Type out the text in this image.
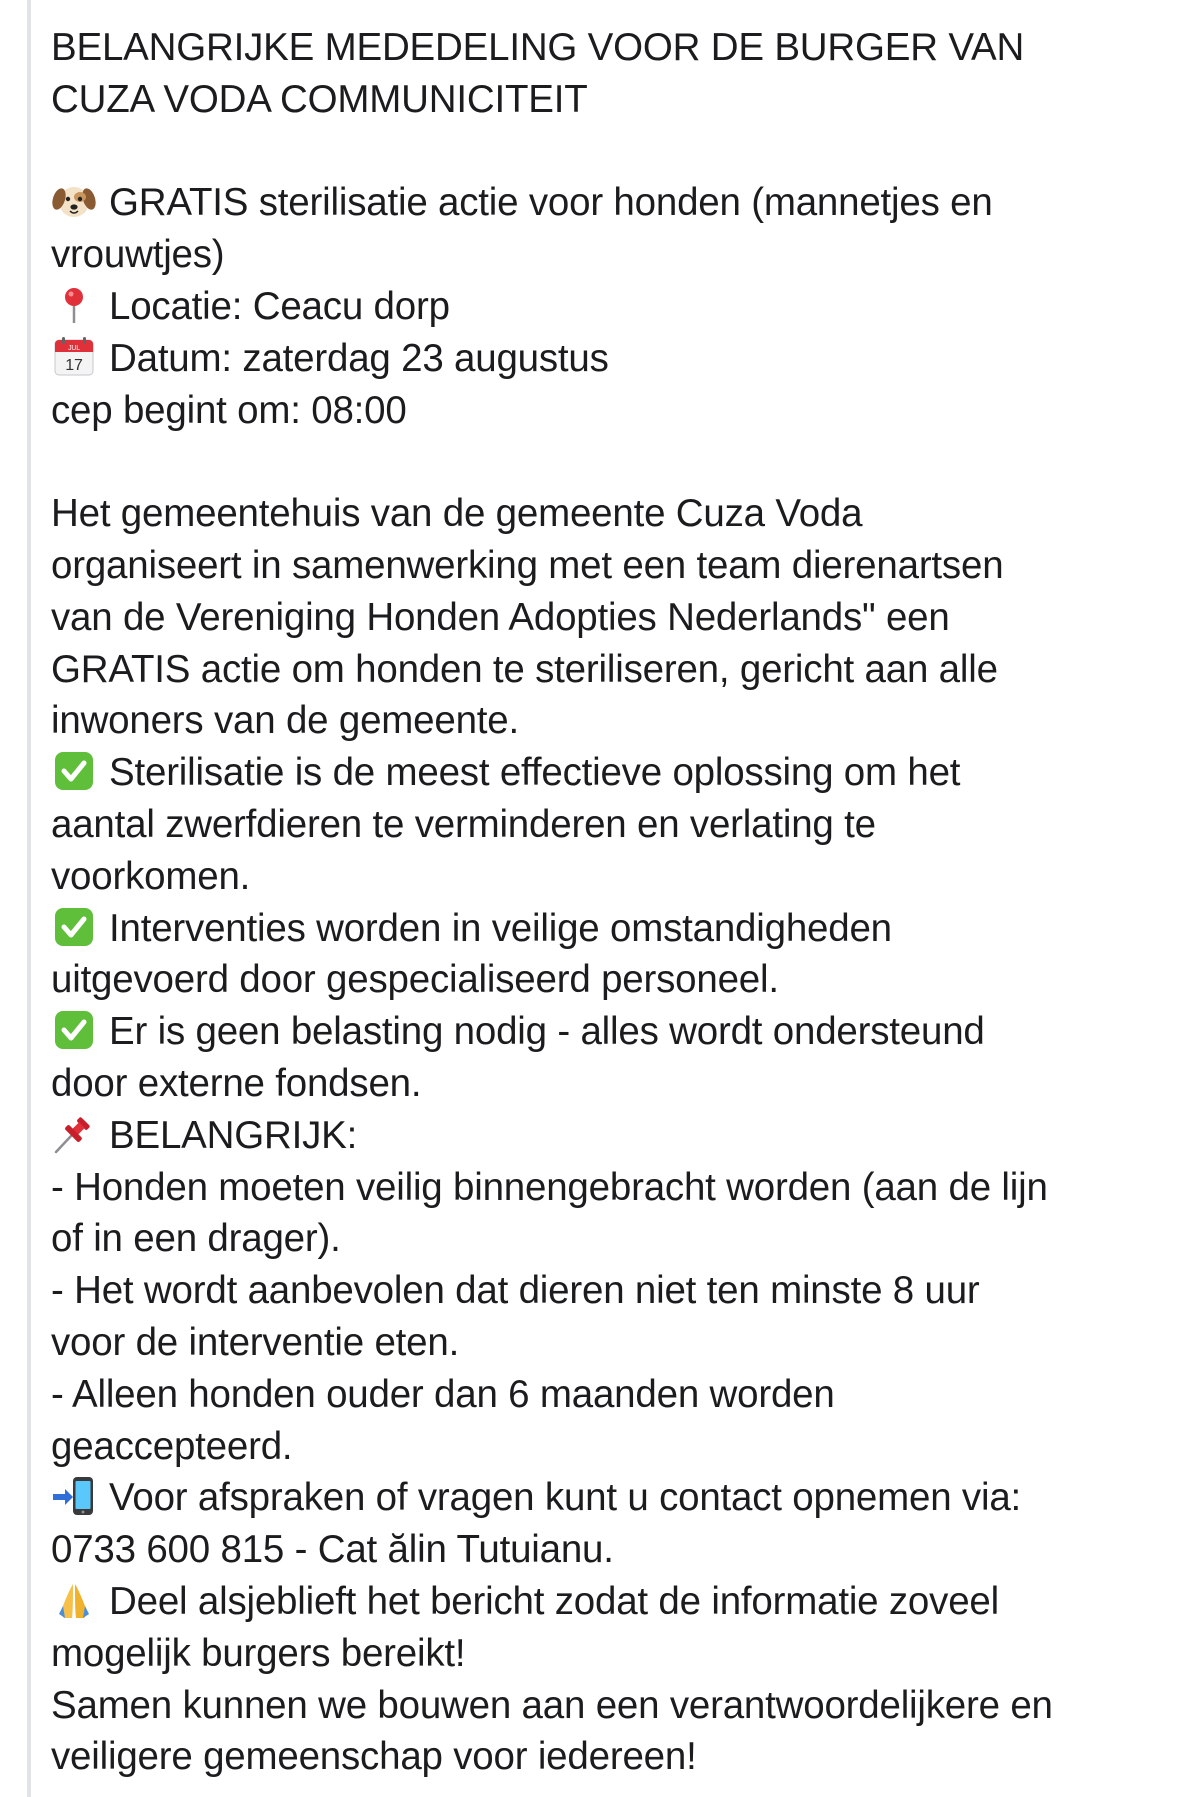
BELANGRIJKE MEDEDELING VOOR DE BURGER VAN
CUZA VODA COMMUNICITEIT
GRATIS sterilisatie actie voor honden (mannetjes en
vrouwtjes)
Locatie: Ceacu dorp
JUL
17 Datum: zaterdag 23 augustus
cep begint om: 08:00
Het gemeentehuis van de gemeente Cuza Voda
organiseert in samenwerking met een team dierenartsen
van de Vereniging Honden Adopties Nederlands" een
GRATIS actie om honden te steriliseren, gericht aan alle
inwoners van de gemeente.
Sterilisatie is de meest effectieve oplossing om het
aantal zwerfdieren te verminderen en verlating te
voorkomen.
Interventies worden in veilige omstandigheden
uitgevoerd door gespecialiseerd personeel.
Er is geen belasting nodig - alles wordt ondersteund
door externe fondsen.
BELANGRIJK:
- Honden moeten veilig binnengebracht worden (aan de lijn
of in een drager).
- Het wordt aanbevolen dat dieren niet ten minste 8 uur
voor de interventie eten.
- Alleen honden ouder dan 6 maanden worden
geaccepteerd.
Voor afspraken of vragen kunt u contact opnemen via:
0733 600 815 - Cat ălin Tutuianu.
Deel alsjeblieft het bericht zodat de informatie zoveel
mogelijk burgers bereikt!
Samen kunnen we bouwen aan een verantwoordelijkere en
veiligere gemeenschap voor iedereen!
